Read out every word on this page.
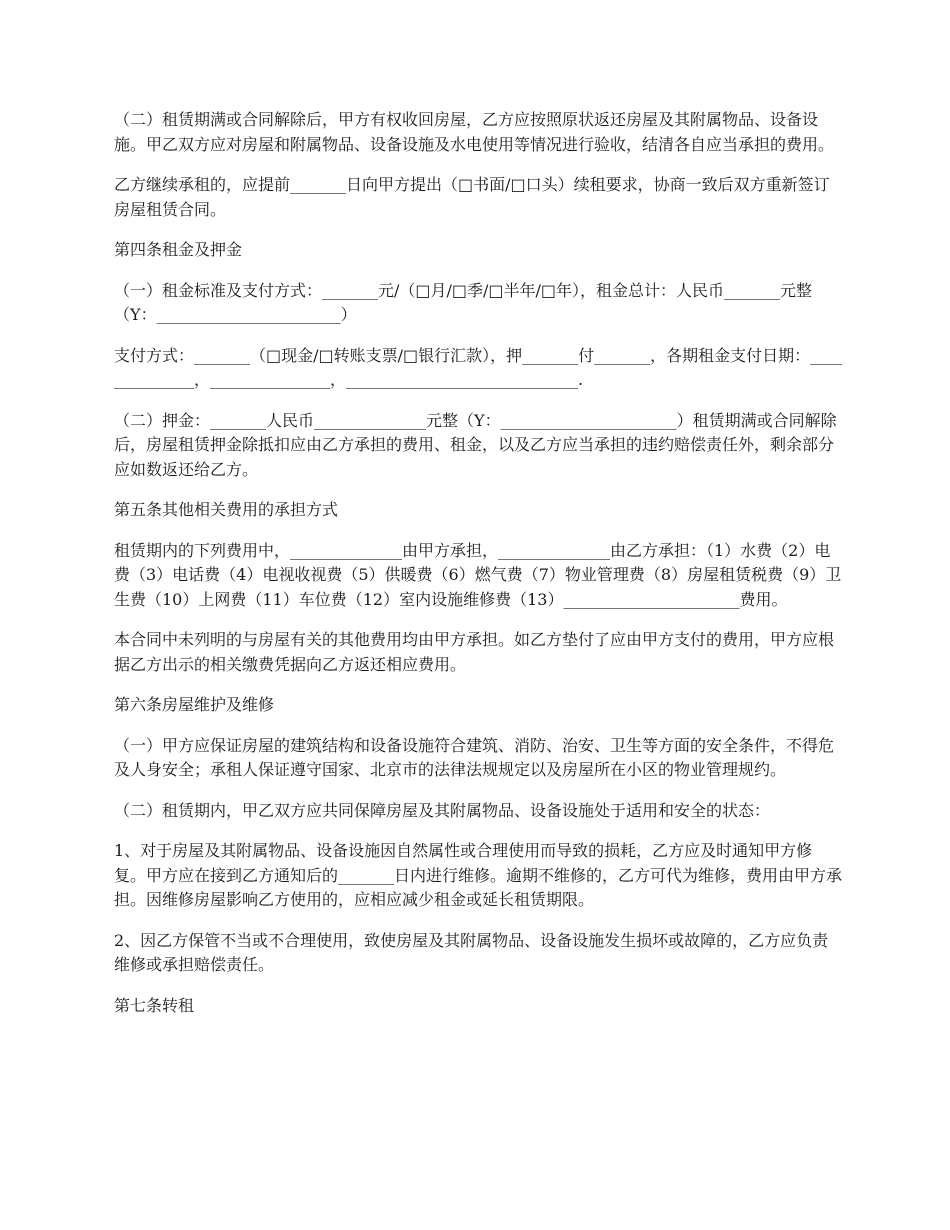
（二）租赁期满或合同解除后，甲方有权收回房屋，乙方应按照原状返还房屋及其附属物品、设备设施。甲乙双方应对房屋和附属物品、设备设施及水电使用等情况进行验收，结清各自应当承担的费用。

乙方继续承租的，应提前_______日向甲方提出（□书面/□口头）续租要求，协商一致后双方重新签订房屋租赁合同。

第四条租金及押金

（一）租金标准及支付方式：_______元/（□月/□季/□半年/□年），租金总计：人民币_______元整（Y：_______________________）

支付方式：_______（□现金/□转账支票/□银行汇款），押_______付_______，各期租金支付日期：______________，_______________，_____________________________.

（二）押金：_______人民币______________元整（Y：______________________）租赁期满或合同解除后，房屋租赁押金除抵扣应由乙方承担的费用、租金，以及乙方应当承担的违约赔偿责任外，剩余部分应如数返还给乙方。

第五条其他相关费用的承担方式

租赁期内的下列费用中，______________由甲方承担，______________由乙方承担：（1）水费（2）电费（3）电话费（4）电视收视费（5）供暖费（6）燃气费（7）物业管理费（8）房屋租赁税费（9）卫生费（10）上网费（11）车位费（12）室内设施维修费（13）______________________费用。

本合同中未列明的与房屋有关的其他费用均由甲方承担。如乙方垫付了应由甲方支付的费用，甲方应根据乙方出示的相关缴费凭据向乙方返还相应费用。

第六条房屋维护及维修

（一）甲方应保证房屋的建筑结构和设备设施符合建筑、消防、治安、卫生等方面的安全条件，不得危及人身安全；承租人保证遵守国家、北京市的法律法规规定以及房屋所在小区的物业管理规约。

（二）租赁期内，甲乙双方应共同保障房屋及其附属物品、设备设施处于适用和安全的状态：

1、对于房屋及其附属物品、设备设施因自然属性或合理使用而导致的损耗，乙方应及时通知甲方修复。甲方应在接到乙方通知后的_______日内进行维修。逾期不维修的，乙方可代为维修，费用由甲方承担。因维修房屋影响乙方使用的，应相应减少租金或延长租赁期限。

2、因乙方保管不当或不合理使用，致使房屋及其附属物品、设备设施发生损坏或故障的，乙方应负责维修或承担赔偿责任。

第七条转租
